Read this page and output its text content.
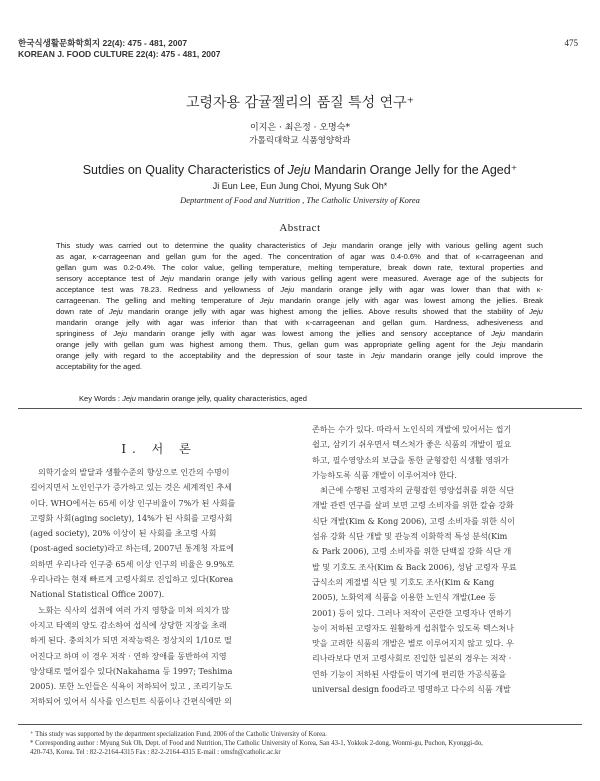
한국식생활문화학회지 22(4): 475 - 481, 2007
KOREAN J. FOOD CULTURE 22(4): 475 - 481, 2007
475
고령자용 감귤젤리의 품질 특성 연구⁺
이지은 · 최은정 · 오명숙*
가톨릭대학교 식품영양학과
Sutdies on Quality Characteristics of Jeju Mandarin Orange Jelly for the Aged⁺
Ji Eun Lee, Eun Jung Choi, Myung Suk Oh*
Deptartment of Food and Nutrition , The Catholic University of Korea
Abstract
This study was carried out to determine the quality characteristics of Jeju mandarin orange jelly with various gelling agent such
as agar, κ-carrageenan and gellan gum for the aged. The concentration of agar was 0.4-0.6% and that of κ-carrageenan and
gellan gum was 0.2-0.4%. The color value, gelling temperature, melting temperature, break down rate, textural properties and
sensory acceptance test of Jeju mandarin orange jelly with various gelling agent were measured. Average age of the subjects for
acceptance test was 78.23. Redness and yellowness of Jeju mandarin orange jelly with agar was lower than that with κ-
carrageenan. The gelling and melting temperature of Jeju mandarin orange jelly with agar was lowest among the jellies. Break
down rate of Jeju mandarin orange jelly with agar was highest among the jellies. Above results showed that the stability of Jeju
mandarin orange jelly with agar was inferior than that with κ-carrageenan and gellan gum. Hardness, adhesiveness and
springiness of Jeju mandarin orange jelly with agar was lowest among the jellies and sensory acceptance of Jeju mandarin
orange jelly with gellan gum was highest among them. Thus, gellan gum was appropriate gelling agent for the Jeju mandarin
orange jelly with regard to the acceptability and the depression of sour taste in Jeju mandarin orange jelly could improve the
acceptability for the aged.
Key Words : Jeju mandarin orange jelly, quality characteristics, aged
Ⅰ. 서 론
의학기술의 발달과 생활수준의 향상으로 인간의 수명이
길어지면서 노인인구가 증가하고 있는 것은 세계적인 추세
이다. WHO에서는 65세 이상 인구비율이 7%가 된 사회를
고령화 사회(aging society), 14%가 된 사회를 고령사회
(aged society), 20% 이상이 된 사회를 초고령 사회
(post-aged society)라고 하는데, 2007년 통계청 자료에
의하면 우리나라 인구중 65세 이상 인구의 비율은 9.9%로
우리나라는 현재 빠르게 고령사회로 진입하고 있다(Korea
National Statistical Office 2007).
노화는 식사의 섭취에 여러 가지 영향을 미쳐 의치가 많
아지고 타액의 양도 감소하여 섭식에 상당한 지장을 초래
하게 된다. 충의치가 되면 저작능력은 정상치의 1/10로 떨
어진다고 하며 이 경우 저작 · 연하 장애를 동반하여 지영
양상태로 떨어질수 있다(Nakahama 등 1997; Teshima
2005). 또한 노인들은 식욕이 저하되어 있고 , 조리기능도
저하되어 있어서 식사를 인스턴트 식품이나 간편식에만 의
존하는 수가 있다. 따라서 노인식의 개발에 있어서는 씹기
쉽고, 삼키기 쉬우면서 텍스처가 좋은 식품의 개발이 필요
하고, 필수영양소의 보급을 통한 균형잡힌 식생활 영위가
가능하도록 식품 개발이 이루어져야 한다.
최근에 수행된 고령자의 균형잡힌 영양섭취를 위한 식단
개발 관련 연구를 살펴 보면 고령 소비자를 위한 칼슘 강화
식단 개발(Kim & Kong 2006), 고령 소비자를 위한 식이
섬유 강화 식단 개발 및 관능적 이화학적 특성 분석(Kim
& Park 2006), 고령 소비자를 위한 단백질 강화 식단 개
발 및 기호도 조사(Kim & Back 2006), 성남 고령자 무료
급식소의 계절별 식단 및 기호도 조사(Kim & Kang
2005), 노화억제 식품을 이용한 노인식 개발(Lee 등
2001) 등이 있다. 그러나 저작이 곤란한 고령자나 연하기
능이 저하된 고령자도 원활하게 섭취할수 있도록 텍스쳐나
맛을 고려한 식품의 개발은 별로 이루어지지 않고 있다. 우
리나라보다 먼저 고령사회로 진입한 일본의 경우는 저작 ·
연하 기능이 저하된 사람들이 먹기에 편리한 가공식품을
universal design food라고 명명하고 다수의 식품 개발
⁺ This study was supported by the department specialization Fund, 2006 of the Catholic University of Korea.
* Corresponding author : Myung Suk Oh, Dept. of Food and Nutrition, The Catholic University of Korea, San 43-1, Yokkok 2-dong, Wonmi-gu, Puchon, Kyonggi-do,
420-743, Korea. Tel : 82-2-2164-4315 Fax : 82-2-2164-4315 E-mail : omsfn@catholic.ac.kr
